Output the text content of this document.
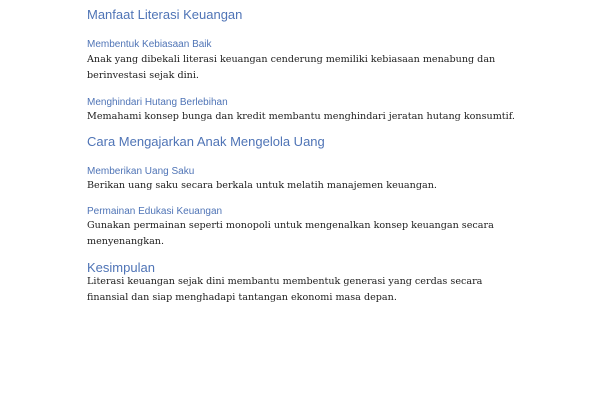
Manfaat Literasi Keuangan
Membentuk Kebiasaan Baik

Anak yang dibekali literasi keuangan cenderung memiliki kebiasaan menabung dan berinvestasi sejak dini.

Menghindari Hutang Berlebihan

Memahami konsep bunga dan kredit membantu menghindari jeratan hutang konsumtif.

Cara Mengajarkan Anak Mengelola Uang
Memberikan Uang Saku

Berikan uang saku secara berkala untuk melatih manajemen keuangan.

Permainan Edukasi Keuangan

Gunakan permainan seperti monopoli untuk mengenalkan konsep keuangan secara menyenangkan.

Kesimpulan

Literasi keuangan sejak dini membantu membentuk generasi yang cerdas secara finansial dan siap menghadapi tantangan ekonomi masa depan.
